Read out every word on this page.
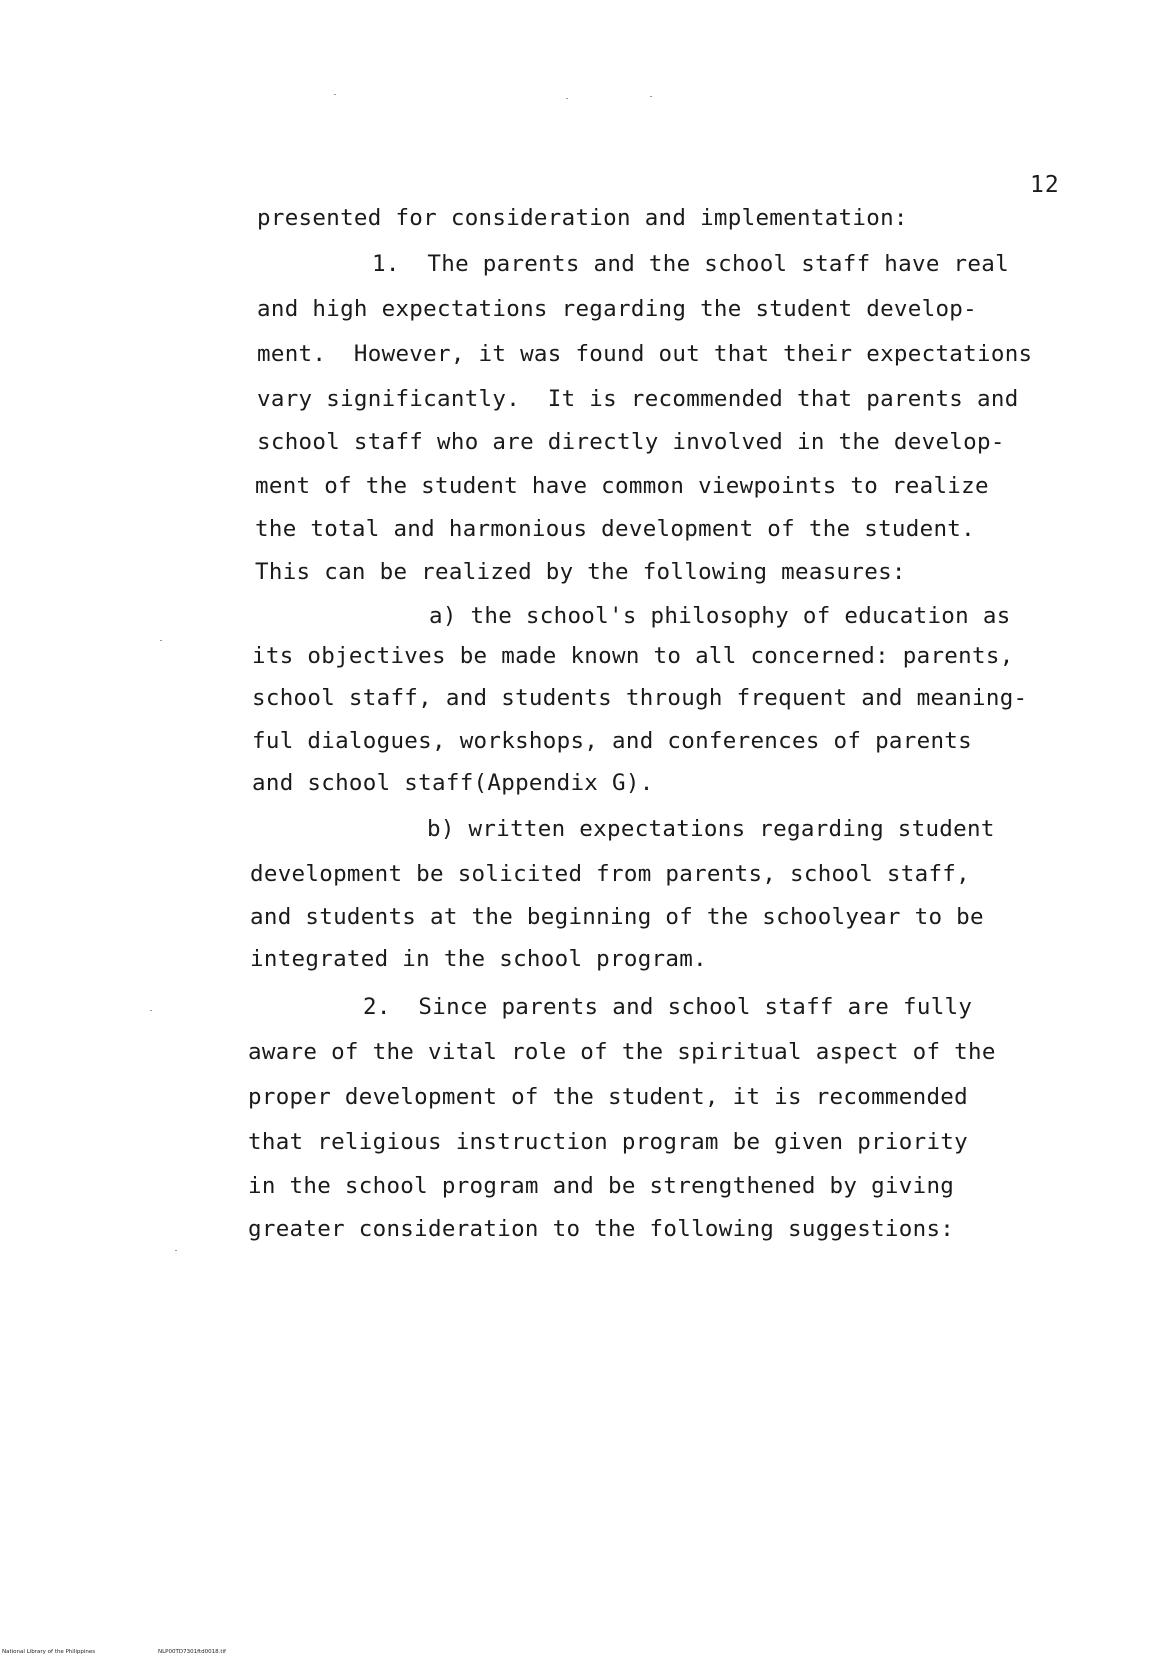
12
presented for consideration and implementation:
1.  The parents and the school staff have real
and high expectations regarding the student develop-
ment.  However, it was found out that their expectations
vary significantly.  It is recommended that parents and
school staff who are directly involved in the develop-
ment of the student have common viewpoints to realize
the total and harmonious development of the student.
This can be realized by the following measures:
a) the school's philosophy of education as
its objectives be made known to all concerned: parents,
school staff, and students through frequent and meaning-
ful dialogues, workshops, and conferences of parents
and school staff(Appendix G).
b) written expectations regarding student
development be solicited from parents, school staff,
and students at the beginning of the schoolyear to be
integrated in the school program.
2.  Since parents and school staff are fully
aware of the vital role of the spiritual aspect of the
proper development of the student, it is recommended
that religious instruction program be given priority
in the school program and be strengthened by giving
greater consideration to the following suggestions:
National Library of the Philippines	NLP00TD7301ftd0018.tif
